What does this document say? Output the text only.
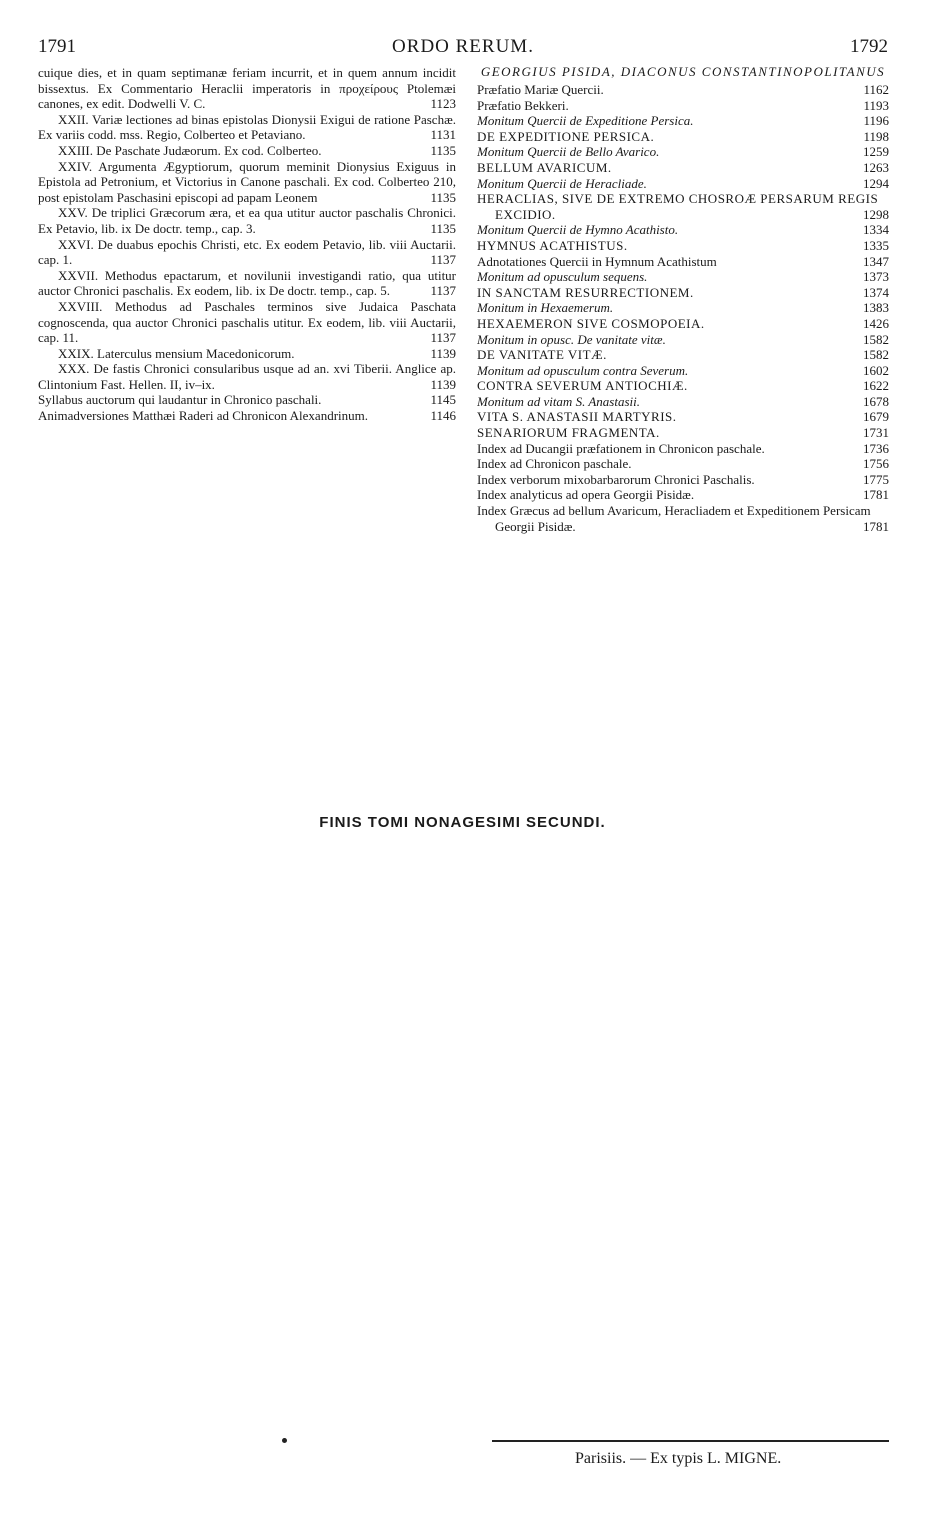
1791	ORDO RERUM.	1792
cuique dies, et in quam septimanæ feriam incurrit, et in quem annum incidit bissextus. Ex Commentario Heraclii imperatoris in προχείρους Ptolemæi canones, ex edit. Dodwelli V. C.	1123
XXII. Variæ lectiones ad binas epistolas Dionysii Exigui de ratione Paschæ. Ex variis codd. mss. Regio, Colberteo et Petaviano.	1131
XXIII. De Paschate Judæorum. Ex cod. Colberteo.	1135
XXIV. Argumenta Ægyptiorum, quorum meminit Dionysius Exiguus in Epistola ad Petronium, et Victorius in Canone paschali. Ex cod. Colberteo 210, post epistolam Paschasini episcopi ad papam Leonem	1135
XXV. De triplici Græcorum æra, et ea qua utitur auctor paschalis Chronici. Ex Petavio, lib. ix De doctr. temp., cap. 3.	1135
XXVI. De duabus epochis Christi, etc. Ex eodem Petavio, lib. viii Auctarii. cap. 1.	1137
XXVII. Methodus epactarum, et novilunii investigandi ratio, qua utitur auctor Chronici paschalis. Ex eodem, lib. ix De doctr. temp., cap. 5.	1137
XXVIII. Methodus ad Paschales terminos sive Judaica Paschata cognoscenda, qua auctor Chronici paschalis utitur. Ex eodem, lib. viii Auctarii, cap. 11.	1137
XXIX. Laterculus mensium Macedonicorum.	1139
XXX. De fastis Chronici consularibus usque ad an. xvi Tiberii. Anglice ap. Clintonium Fast. Hellen. II, iv–ix.	1139
Syllabus auctorum qui laudantur in Chronico paschali.	1145
Animadversiones Matthæi Raderi ad Chronicon Alexandrinum.	1146
GEORGIUS PISIDA, DIACONUS CONSTANTINOPOLITANUS
Præfatio Mariæ Quercii.	1162
Præfatio Bekkeri.	1193
Monitum Quercii de Expeditione Persica.	1196
DE EXPEDITIONE PERSICA.	1198
Monitum Quercii de Bello Avarico.	1259
BELLUM AVARICUM.	1263
Monitum Quercii de Heracliade.	1294
HERACLIAS, SIVE DE EXTREMO CHOSROÆ PERSARUM REGIS EXCIDIO.	1298
Monitum Quercii de Hymno Acathisto.	1334
HYMNUS ACATHISTUS.	1335
Adnotationes Quercii in Hymnum Acathistum	1347
Monitum ad opusculum sequens.	1373
IN SANCTAM RESURRECTIONEM.	1374
Monitum in Hexaemerum.	1383
HEXAEMERON SIVE COSMOPOEIA.	1426
Monitum in opusc. De vanitate vitæ.	1582
DE VANITATE VITÆ.	1582
Monitum ad opusculum contra Severum.	1602
CONTRA SEVERUM ANTIOCHIÆ.	1622
Monitum ad vitam S. Anastasii.	1678
VITA S. ANASTASII MARTYRIS.	1679
SENARIORUM FRAGMENTA.	1731
Index ad Ducangii præfationem in Chronicon paschale.	1736
Index ad Chronicon paschale.	1756
Index verborum mixobarbarorum Chronici Paschalis.	1775
Index analyticus ad opera Georgii Pisidæ.	1781
Index Græcus ad bellum Avaricum, Heracliadem et Expeditionem Persicam Georgii Pisidæ.	1781
FINIS TOMI NONAGESIMI SECUNDI.
Parisiis. — Ex typis L. MIGNE.
